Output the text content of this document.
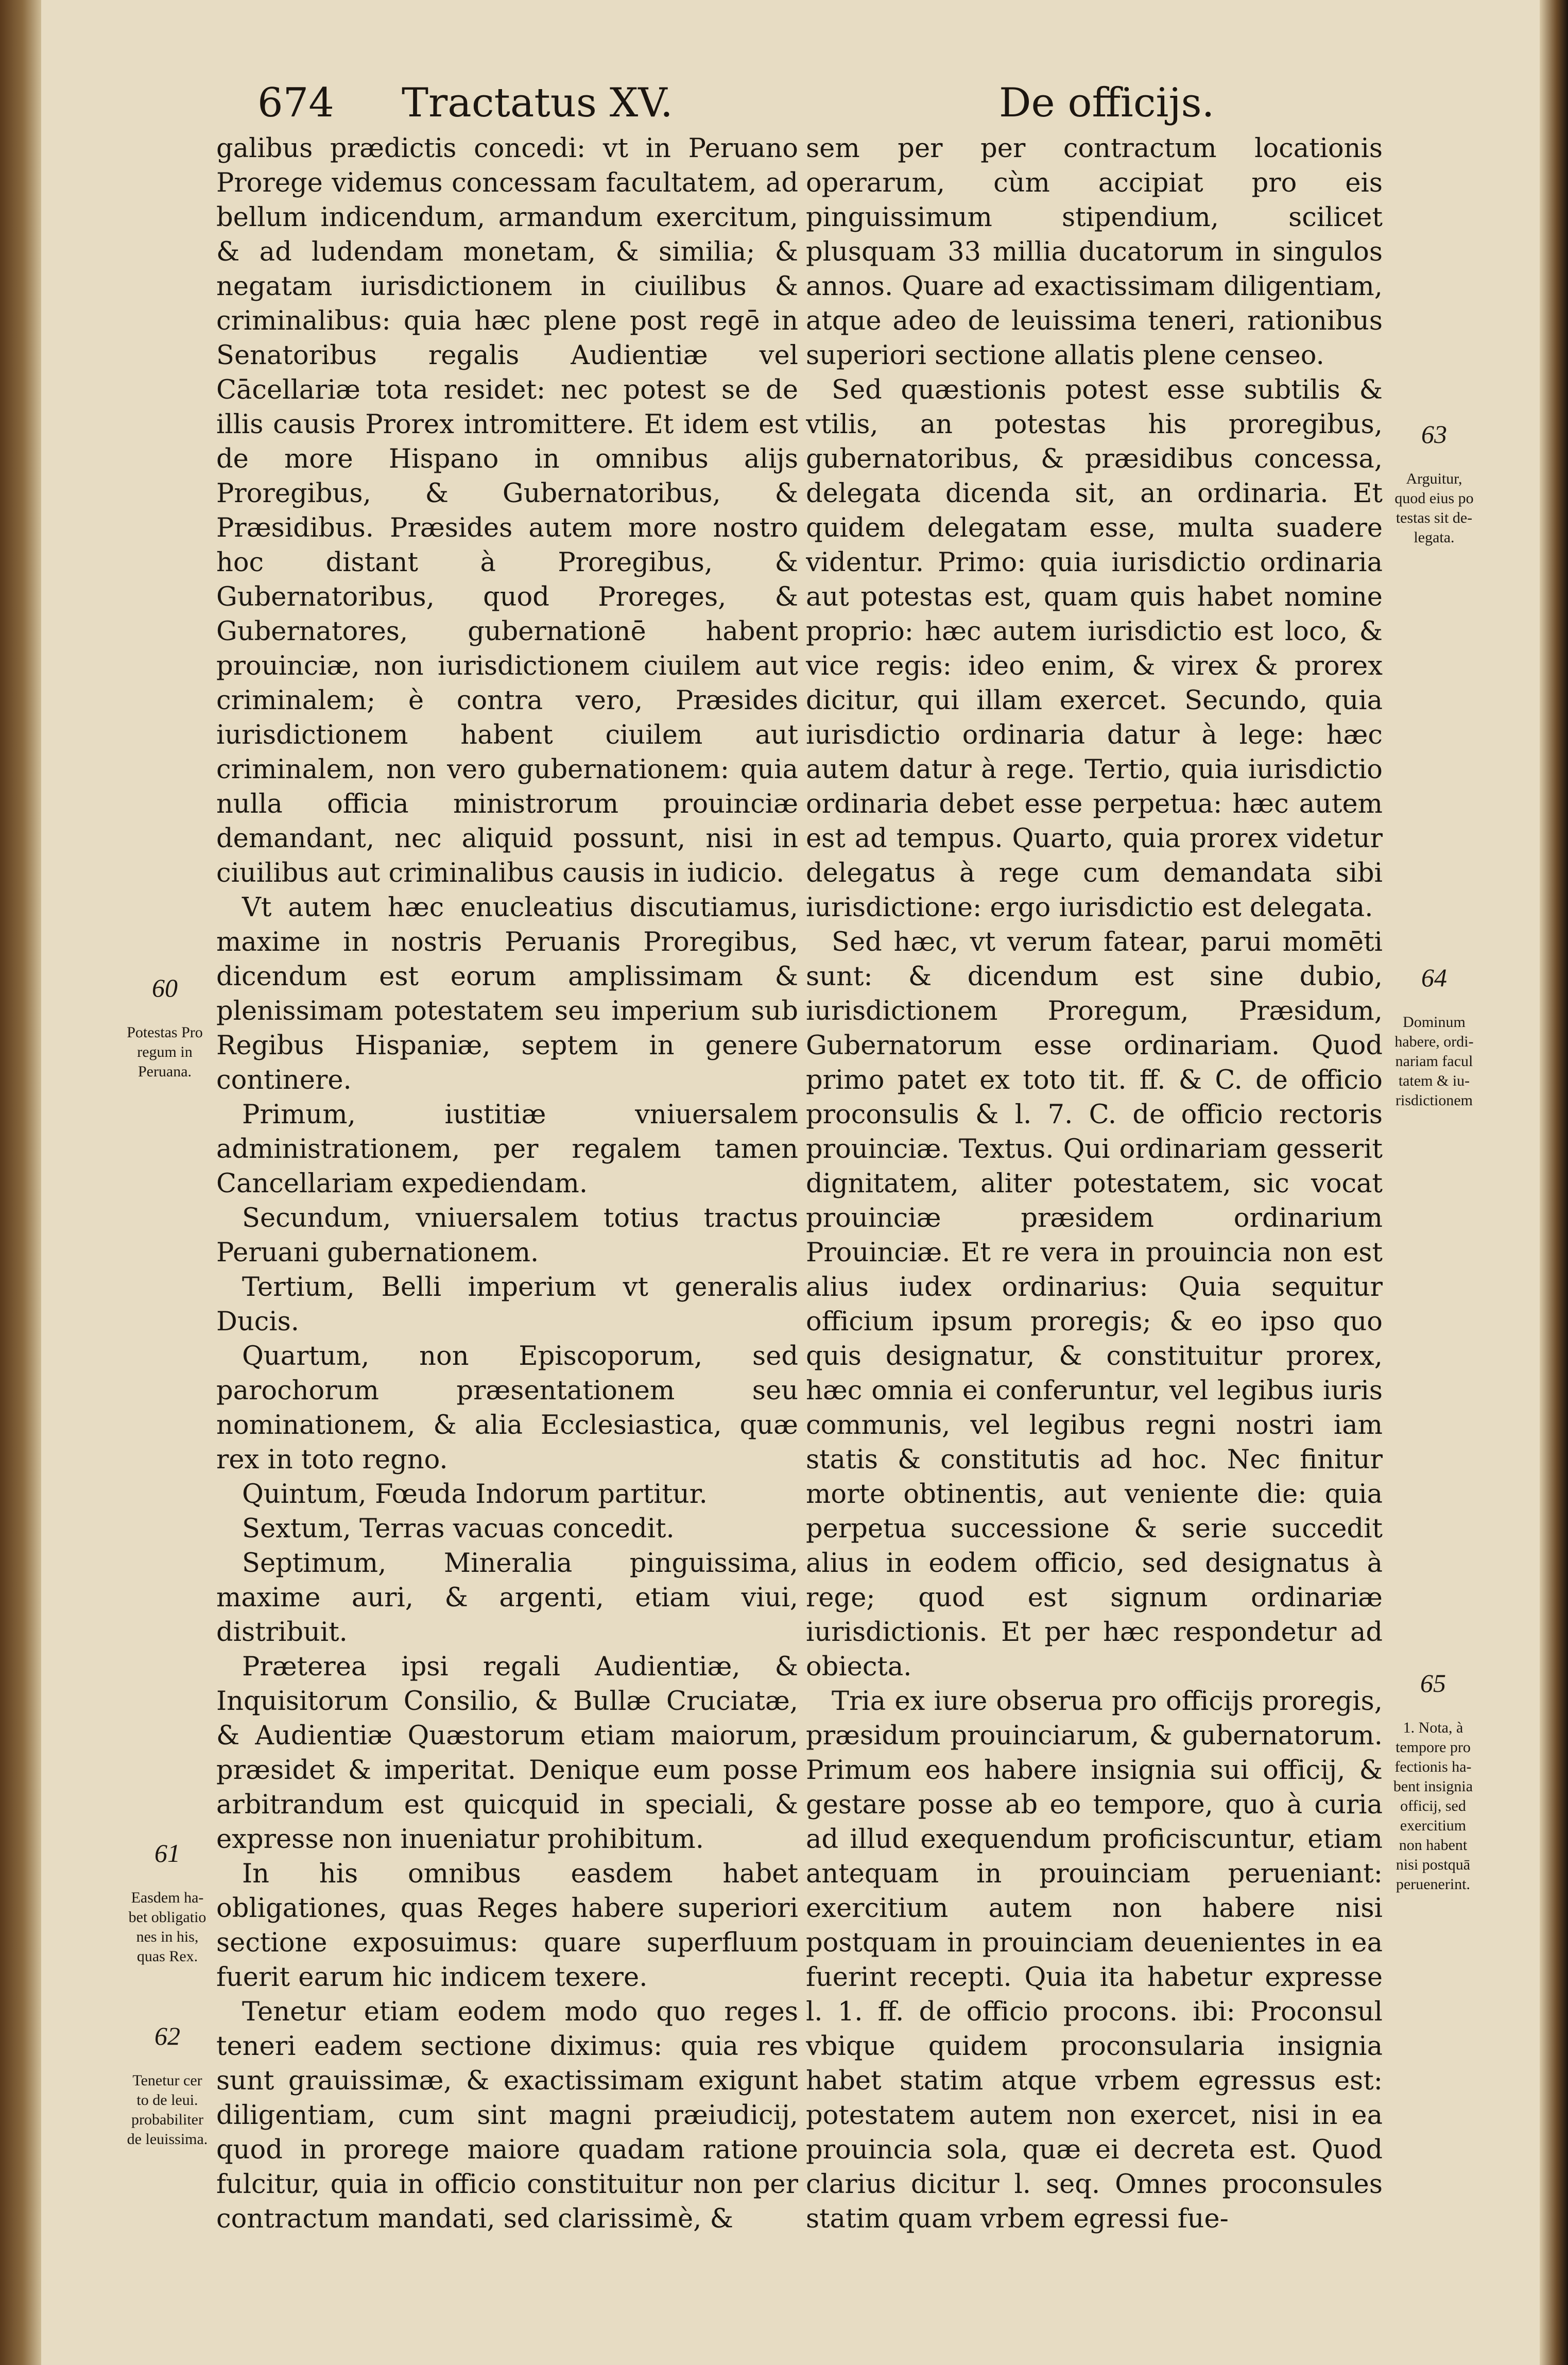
674 Tractatus XV.	De officijs.

galibus prædictis concedi: vt in Peruano Prorege videmus concessam facultatem, ad bellum indicendum, armandum exercitum, & ad ludendam monetam, & similia; & negatam iurisdictionem in ciuilibus & criminalibus: quia hæc plene post regē in Senatoribus regalis Audientiæ vel Cācellariæ tota residet: nec potest se de illis causis Prorex intromittere. Et idem est de more Hispano in omnibus alijs Proregibus, & Gubernatoribus, & Præsidibus. Præsides autem more nostro hoc distant à Proregibus, & Gubernatoribus, quod Proreges, & Gubernatores, gubernationē habent prouinciæ, non iurisdictionem ciuilem aut criminalem; è contra vero, Præsides iurisdictionem habent ciuilem aut criminalem, non vero gubernationem: quia nulla officia ministrorum prouinciæ demandant, nec aliquid possunt, nisi in ciuilibus aut criminalibus causis in iudicio.

Vt autem hæc enucleatius discutiamus, maxime in nostris Peruanis Proregibus, dicendum est eorum amplissimam & plenissimam potestatem seu imperium sub Regibus Hispaniæ, septem in genere continere.

Primum, iustitiæ vniuersalem administrationem, per regalem tamen Cancellariam expediendam.

Secundum, vniuersalem totius tractus Peruani gubernationem.

Tertium, Belli imperium vt generalis Ducis.

Quartum, non Episcoporum, sed parochorum præsentationem seu nominationem, & alia Ecclesiastica, quæ rex in toto regno.

Quintum, Fœuda Indorum partitur.

Sextum, Terras vacuas concedit.

Septimum, Mineralia pinguissima, maxime auri, & argenti, etiam viui, distribuit.

Præterea ipsi regali Audientiæ, & Inquisitorum Consilio, & Bullæ Cruciatæ, & Audientiæ Quæstorum etiam maiorum, præsidet & imperitat. Denique eum posse arbitrandum est quicquid in speciali, & expresse non inueniatur prohibitum.

In his omnibus easdem habet obligationes, quas Reges habere superiori sectione exposuimus: quare superfluum fuerit earum hic indicem texere.

Tenetur etiam eodem modo quo reges teneri eadem sectione diximus: quia res sunt grauissimæ, & exactissimam exigunt diligentiam, cum sint magni præiudicij, quod in prorege maiore quadam ratione fulcitur, quia in officio constituitur non per contractum mandati, sed clarissimè, &

sem per per contractum locationis operarum, cùm accipiat pro eis pinguissimum stipendium, scilicet plusquam 33 millia ducatorum in singulos annos. Quare ad exactissimam diligentiam, atque adeo de leuissima teneri, rationibus superiori sectione allatis plene censeo.

Sed quæstionis potest esse subtilis & vtilis, an potestas his proregibus, gubernatoribus, & præsidibus concessa, delegata dicenda sit, an ordinaria. Et quidem delegatam esse, multa suadere videntur. Primo: quia iurisdictio ordinaria aut potestas est, quam quis habet nomine proprio: hæc autem iurisdictio est loco, & vice regis: ideo enim, & virex & prorex dicitur, qui illam exercet. Secundo, quia iurisdictio ordinaria datur à lege: hæc autem datur à rege. Tertio, quia iurisdictio ordinaria debet esse perpetua: hæc autem est ad tempus. Quarto, quia prorex videtur delegatus à rege cum demandata sibi iurisdictione: ergo iurisdictio est delegata.

Sed hæc, vt verum fatear, parui momēti sunt: & dicendum est sine dubio, iurisdictionem Proregum, Præsidum, Gubernatorum esse ordinariam. Quod primo patet ex toto tit. ff. & C. de officio proconsulis & l. 7. C. de officio rectoris prouinciæ. Textus. Qui ordinariam gesserit dignitatem, aliter potestatem, sic vocat prouinciæ præsidem ordinarium Prouinciæ. Et re vera in prouincia non est alius iudex ordinarius: Quia sequitur officium ipsum proregis; & eo ipso quo quis designatur, & constituitur prorex, hæc omnia ei conferuntur, vel legibus iuris communis, vel legibus regni nostri iam statis & constitutis ad hoc. Nec finitur morte obtinentis, aut veniente die: quia perpetua successione & serie succedit alius in eodem officio, sed designatus à rege; quod est signum ordinariæ iurisdictionis. Et per hæc respondetur ad obiecta.

Tria ex iure obserua pro officijs proregis, præsidum prouinciarum, & gubernatorum. Primum eos habere insignia sui officij, & gestare posse ab eo tempore, quo à curia ad illud exequendum proficiscuntur, etiam antequam in prouinciam perueniant: exercitium autem non habere nisi postquam in prouinciam deuenientes in ea fuerint recepti. Quia ita habetur expresse l. 1. ff. de officio procons. ibi: Proconsul vbique quidem proconsularia insignia habet statim atque vrbem egressus est: potestatem autem non exercet, nisi in ea prouincia sola, quæ ei decreta est. Quod clarius dicitur l. seq. Omnes proconsules statim quam vrbem egressi fue-

60

Potestas Pro
regum in
Peruana.

61

Easdem ha-
bet obligatio
nes in his,
quas Rex.

62

Tenetur cer
to de leui.
probabiliter
de leuissima.

63

Arguitur,
quod eius po
testas sit de-
legata.

64

Dominum
habere, ordi-
nariam facul
tatem & iu-
risdictionem

65

1. Nota, à
tempore pro
fectionis ha-
bent insignia
officij, sed
exercitium
non habent
nisi postquā
peruenerint.
